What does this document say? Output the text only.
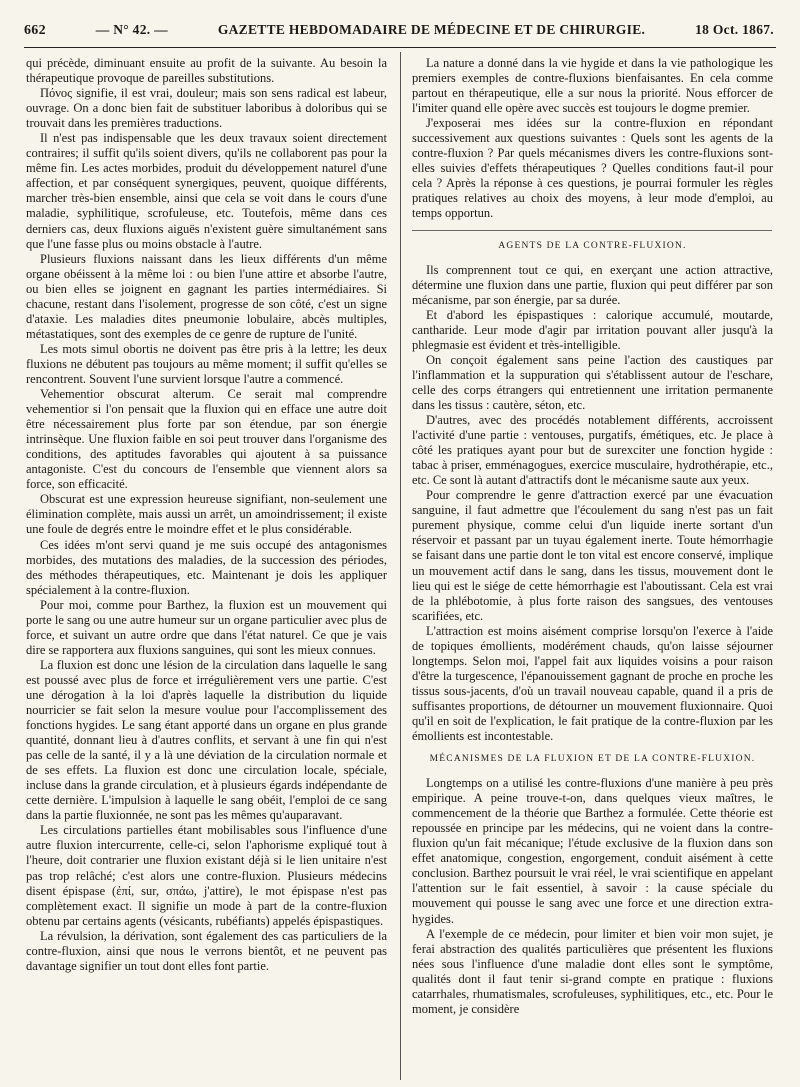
662	— N° 42. —	GAZETTE HEBDOMADAIRE DE MÉDECINE ET DE CHIRURGIE.	18 Oct. 1867.

qui précède, diminuant ensuite au profit de la suivante. Au besoin la thérapeutique provoque de pareilles substitutions.

Πόνος signifie, il est vrai, douleur; mais son sens radical est labeur, ouvrage. On a donc bien fait de substituer laboribus à doloribus qui se trouvait dans les premières traductions.

Il n'est pas indispensable que les deux travaux soient directement contraires; il suffit qu'ils soient divers, qu'ils ne collaborent pas pour la même fin. Les actes morbides, produit du développement naturel d'une affection, et par conséquent synergiques, peuvent, quoique différents, marcher très-bien ensemble, ainsi que cela se voit dans le cours d'une maladie, syphilitique, scrofuleuse, etc. Toutefois, même dans ces derniers cas, deux fluxions aiguës n'existent guère simultanément sans que l'une fasse plus ou moins obstacle à l'autre.

Plusieurs fluxions naissant dans les lieux différents d'un même organe obéissent à la même loi : ou bien l'une attire et absorbe l'autre, ou bien elles se joignent en gagnant les parties intermédiaires. Si chacune, restant dans l'isolement, progresse de son côté, c'est un signe d'ataxie. Les maladies dites pneumonie lobulaire, abcès multiples, métastatiques, sont des exemples de ce genre de rupture de l'unité.

Les mots simul obortis ne doivent pas être pris à la lettre; les deux fluxions ne débutent pas toujours au même moment; il suffit qu'elles se rencontrent. Souvent l'une survient lorsque l'autre a commencé.

Vehementior obscurat alterum. Ce serait mal comprendre vehementior si l'on pensait que la fluxion qui en efface une autre doit être nécessairement plus forte par son étendue, par son énergie intrinsèque. Une fluxion faible en soi peut trouver dans l'organisme des conditions, des aptitudes favorables qui ajoutent à sa puissance antagoniste. C'est du concours de l'ensemble que viennent alors sa force, son efficacité.

Obscurat est une expression heureuse signifiant, non-seulement une élimination complète, mais aussi un arrêt, un amoindrissement; il existe une foule de degrés entre le moindre effet et le plus considérable.

Ces idées m'ont servi quand je me suis occupé des antagonismes morbides, des mutations des maladies, de la succession des périodes, des méthodes thérapeutiques, etc. Maintenant je dois les appliquer spécialement à la contre-fluxion.

Pour moi, comme pour Barthez, la fluxion est un mouvement qui porte le sang ou une autre humeur sur un organe particulier avec plus de force, et suivant un autre ordre que dans l'état naturel. Ce que je vais dire se rapportera aux fluxions sanguines, qui sont les mieux connues.

La fluxion est donc une lésion de la circulation dans laquelle le sang est poussé avec plus de force et irrégulièrement vers une partie. C'est une dérogation à la loi d'après laquelle la distribution du liquide nourricier se fait selon la mesure voulue pour l'accomplissement des fonctions hygides. Le sang étant apporté dans un organe en plus grande quantité, donnant lieu à d'autres conflits, et servant à une fin qui n'est pas celle de la santé, il y a là une déviation de la circulation normale et de ses effets. La fluxion est donc une circulation locale, spéciale, incluse dans la grande circulation, et à plusieurs égards indépendante de cette dernière. L'impulsion à laquelle le sang obéit, l'emploi de ce sang dans la partie fluxionnée, ne sont pas les mêmes qu'auparavant.

Les circulations partielles étant mobilisables sous l'influence d'une autre fluxion intercurrente, celle-ci, selon l'aphorisme expliqué tout à l'heure, doit contrarier une fluxion existant déjà si le lien unitaire n'est pas trop relâché; c'est alors une contre-fluxion. Plusieurs médecins disent épispase (ἐπί, sur, σπάω, j'attire), le mot épispase n'est pas complètement exact. Il signifie un mode à part de la contre-fluxion obtenu par certains agents (vésicants, rubéfiants) appelés épispastiques.

La révulsion, la dérivation, sont également des cas particuliers de la contre-fluxion, ainsi que nous le verrons bientôt, et ne peuvent pas davantage signifier un tout dont elles font partie.

La nature a donné dans la vie hygide et dans la vie pathologique les premiers exemples de contre-fluxions bienfaisantes. En cela comme partout en thérapeutique, elle a sur nous la priorité. Nous efforcer de l'imiter quand elle opère avec succès est toujours le dogme premier.

J'exposerai mes idées sur la contre-fluxion en répondant successivement aux questions suivantes : Quels sont les agents de la contre-fluxion ? Par quels mécanismes divers les contre-fluxions sont-elles suivies d'effets thérapeutiques ? Quelles conditions faut-il pour cela ? Après la réponse à ces questions, je pourrai formuler les règles pratiques relatives au choix des moyens, à leur mode d'emploi, au temps opportun.

AGENTS DE LA CONTRE-FLUXION.

Ils comprennent tout ce qui, en exerçant une action attractive, détermine une fluxion dans une partie, fluxion qui peut différer par son mécanisme, par son énergie, par sa durée.

Et d'abord les épispastiques : calorique accumulé, moutarde, cantharide. Leur mode d'agir par irritation pouvant aller jusqu'à la phlegmasie est évident et très-intelligible.

On conçoit également sans peine l'action des caustiques par l'inflammation et la suppuration qui s'établissent autour de l'eschare, celle des corps étrangers qui entretiennent une irritation permanente dans les tissus : cautère, séton, etc.

D'autres, avec des procédés notablement différents, accroissent l'activité d'une partie : ventouses, purgatifs, émétiques, etc. Je place à côté les pratiques ayant pour but de surexciter une fonction hygide : tabac à priser, emménagogues, exercice musculaire, hydrothérapie, etc., etc. Ce sont là autant d'attractifs dont le mécanisme saute aux yeux.

Pour comprendre le genre d'attraction exercé par une évacuation sanguine, il faut admettre que l'écoulement du sang n'est pas un fait purement physique, comme celui d'un liquide inerte sortant d'un réservoir et passant par un tuyau également inerte. Toute hémorrhagie se faisant dans une partie dont le ton vital est encore conservé, implique un mouvement actif dans le sang, dans les tissus, mouvement dont le lieu qui est le siége de cette hémorrhagie est l'aboutissant. Cela est vrai de la phlébotomie, à plus forte raison des sangsues, des ventouses scarifiées, etc.

L'attraction est moins aisément comprise lorsqu'on l'exerce à l'aide de topiques émollients, modérément chauds, qu'on laisse séjourner longtemps. Selon moi, l'appel fait aux liquides voisins a pour raison d'être la turgescence, l'épanouissement gagnant de proche en proche les tissus sous-jacents, d'où un travail nouveau capable, quand il a pris de suffisantes proportions, de détourner un mouvement fluxionnaire. Quoi qu'il en soit de l'explication, le fait pratique de la contre-fluxion par les émollients est incontestable.

MÉCANISMES DE LA FLUXION ET DE LA CONTRE-FLUXION.

Longtemps on a utilisé les contre-fluxions d'une manière à peu près empirique. A peine trouve-t-on, dans quelques vieux maîtres, le commencement de la théorie que Barthez a formulée. Cette théorie est repoussée en principe par les médecins, qui ne voient dans la contre-fluxion qu'un fait mécanique; l'étude exclusive de la fluxion dans son effet anatomique, congestion, engorgement, conduit aisément à cette conclusion. Barthez poursuit le vrai réel, le vrai scientifique en appelant l'attention sur le fait essentiel, à savoir : la cause spéciale du mouvement qui pousse le sang avec une force et une direction extra-hygides.

A l'exemple de ce médecin, pour limiter et bien voir mon sujet, je ferai abstraction des qualités particulières que présentent les fluxions nées sous l'influence d'une maladie dont elles sont le symptôme, qualités dont il faut tenir si-grand compte en pratique : fluxions catarrhales, rhumatismales, scrofuleuses, syphilitiques, etc., etc. Pour le moment, je considère
